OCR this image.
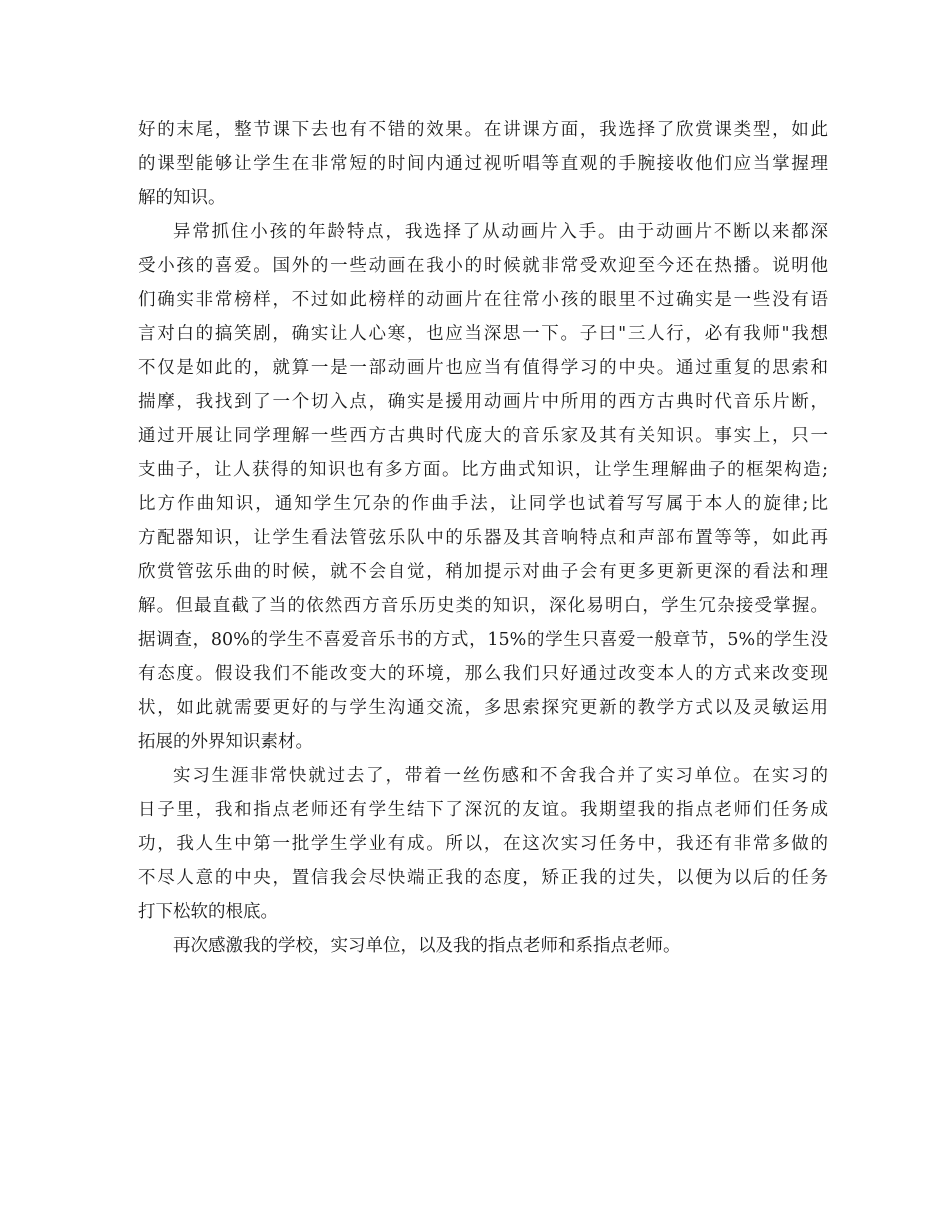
好的末尾，整节课下去也有不错的效果。在讲课方面，我选择了欣赏课类型，如此
的课型能够让学生在非常短的时间内通过视听唱等直观的手腕接收他们应当掌握理
解的知识。
异常抓住小孩的年龄特点，我选择了从动画片入手。由于动画片不断以来都深
受小孩的喜爱。国外的一些动画在我小的时候就非常受欢迎至今还在热播。说明他
们确实非常榜样，不过如此榜样的动画片在往常小孩的眼里不过确实是一些没有语
言对白的搞笑剧，确实让人心寒，也应当深思一下。子曰"三人行，必有我师"我想
不仅是如此的，就算一是一部动画片也应当有值得学习的中央。通过重复的思索和
揣摩，我找到了一个切入点，确实是援用动画片中所用的西方古典时代音乐片断，
通过开展让同学理解一些西方古典时代庞大的音乐家及其有关知识。事实上，只一
支曲子，让人获得的知识也有多方面。比方曲式知识，让学生理解曲子的框架构造;
比方作曲知识，通知学生冗杂的作曲手法，让同学也试着写写属于本人的旋律;比
方配器知识，让学生看法管弦乐队中的乐器及其音响特点和声部布置等等，如此再
欣赏管弦乐曲的时候，就不会自觉，稍加提示对曲子会有更多更新更深的看法和理
解。但最直截了当的依然西方音乐历史类的知识，深化易明白，学生冗杂接受掌握。
据调查，80%的学生不喜爱音乐书的方式，15%的学生只喜爱一般章节，5%的学生没
有态度。假设我们不能改变大的环境，那么我们只好通过改变本人的方式来改变现
状，如此就需要更好的与学生沟通交流，多思索探究更新的教学方式以及灵敏运用
拓展的外界知识素材。
实习生涯非常快就过去了，带着一丝伤感和不舍我合并了实习单位。在实习的
日子里，我和指点老师还有学生结下了深沉的友谊。我期望我的指点老师们任务成
功，我人生中第一批学生学业有成。所以，在这次实习任务中，我还有非常多做的
不尽人意的中央，置信我会尽快端正我的态度，矫正我的过失，以便为以后的任务
打下松软的根底。
再次感激我的学校，实习单位，以及我的指点老师和系指点老师。
